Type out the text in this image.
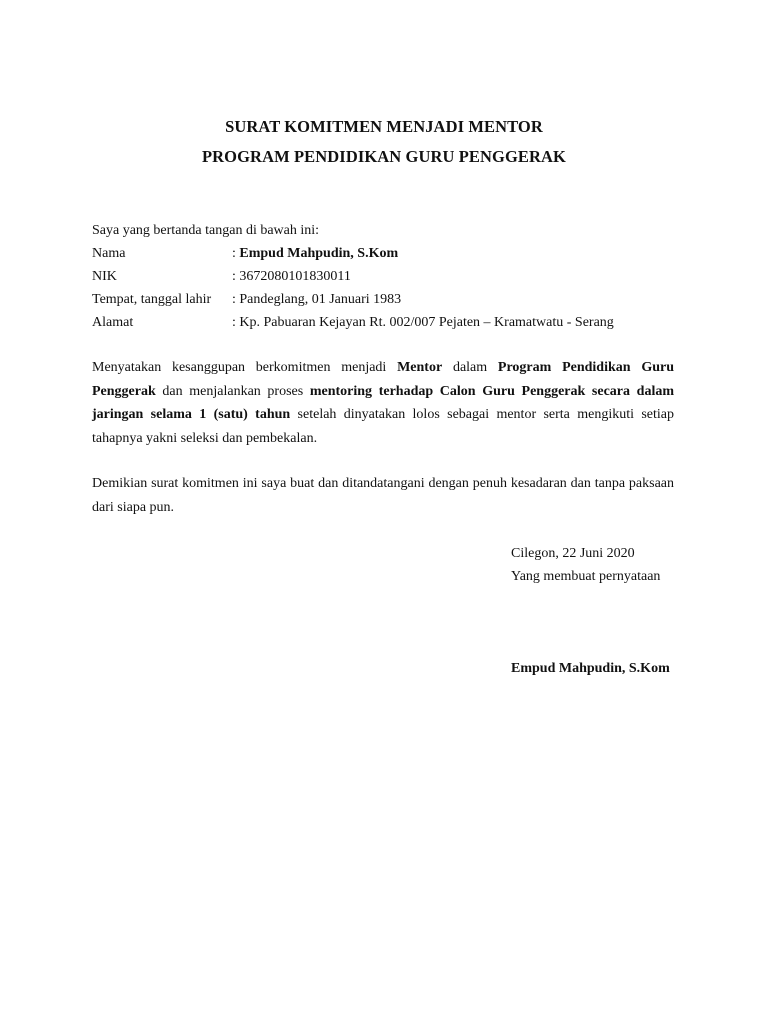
SURAT KOMITMEN MENJADI MENTOR
PROGRAM PENDIDIKAN GURU PENGGERAK
Saya yang bertanda tangan di bawah ini:
Nama	: Empud Mahpudin, S.Kom
NIK	: 3672080101830011
Tempat, tanggal lahir : Pandeglang, 01 Januari 1983
Alamat	: Kp. Pabuaran Kejayan Rt. 002/007 Pejaten – Kramatwatu - Serang
Menyatakan kesanggupan berkomitmen menjadi Mentor dalam Program Pendidikan Guru Penggerak dan menjalankan proses mentoring terhadap Calon Guru Penggerak secara dalam jaringan selama 1 (satu) tahun setelah dinyatakan lolos sebagai mentor serta mengikuti setiap tahapnya yakni seleksi dan pembekalan.
Demikian surat komitmen ini saya buat dan ditandatangani dengan penuh kesadaran dan tanpa paksaan dari siapa pun.
Cilegon, 22 Juni 2020
Yang membuat pernyataan
Empud Mahpudin, S.Kom
